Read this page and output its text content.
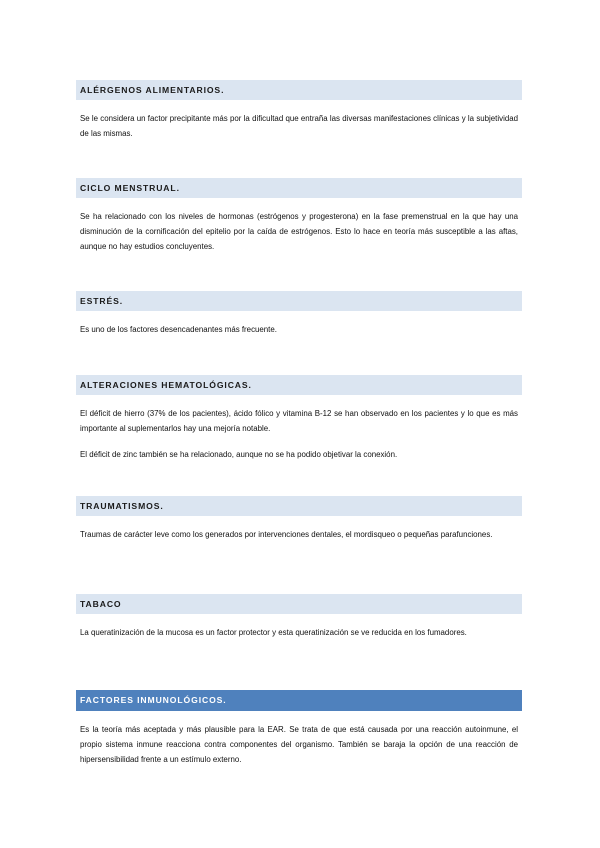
ALÉRGENOS ALIMENTARIOS.

Se le considera un factor precipitante más por la dificultad que entraña las diversas manifestaciones clínicas y la subjetividad de las mismas.

CICLO MENSTRUAL.

Se ha relacionado con los niveles de hormonas (estrógenos y progesterona) en la fase premenstrual en la que hay una disminución de la cornificación del epitelio por la caída de estrógenos. Esto lo hace en teoría más susceptible a las aftas, aunque no hay estudios concluyentes.

ESTRÉS.

Es uno de los factores desencadenantes más frecuente.

ALTERACIONES HEMATOLÓGICAS.

El déficit de hierro (37% de los pacientes), ácido fólico y vitamina B-12 se han observado en los pacientes y lo que es más importante al suplementarlos hay una mejoría notable.

El déficit de zinc también se ha relacionado, aunque no se ha podido objetivar la conexión.

TRAUMATISMOS.

Traumas de carácter leve como los generados por intervenciones dentales, el mordisqueo o pequeñas parafunciones.

TABACO

La queratinización de la mucosa es un factor protector y esta queratinización se ve reducida en los fumadores.

FACTORES INMUNOLÓGICOS.

Es la teoría más aceptada y más plausible para la EAR. Se trata de que está causada por una reacción autoinmune, el propio sistema inmune reacciona contra componentes del organismo. También se baraja la opción de una reacción de hipersensibilidad frente a un estímulo externo.
